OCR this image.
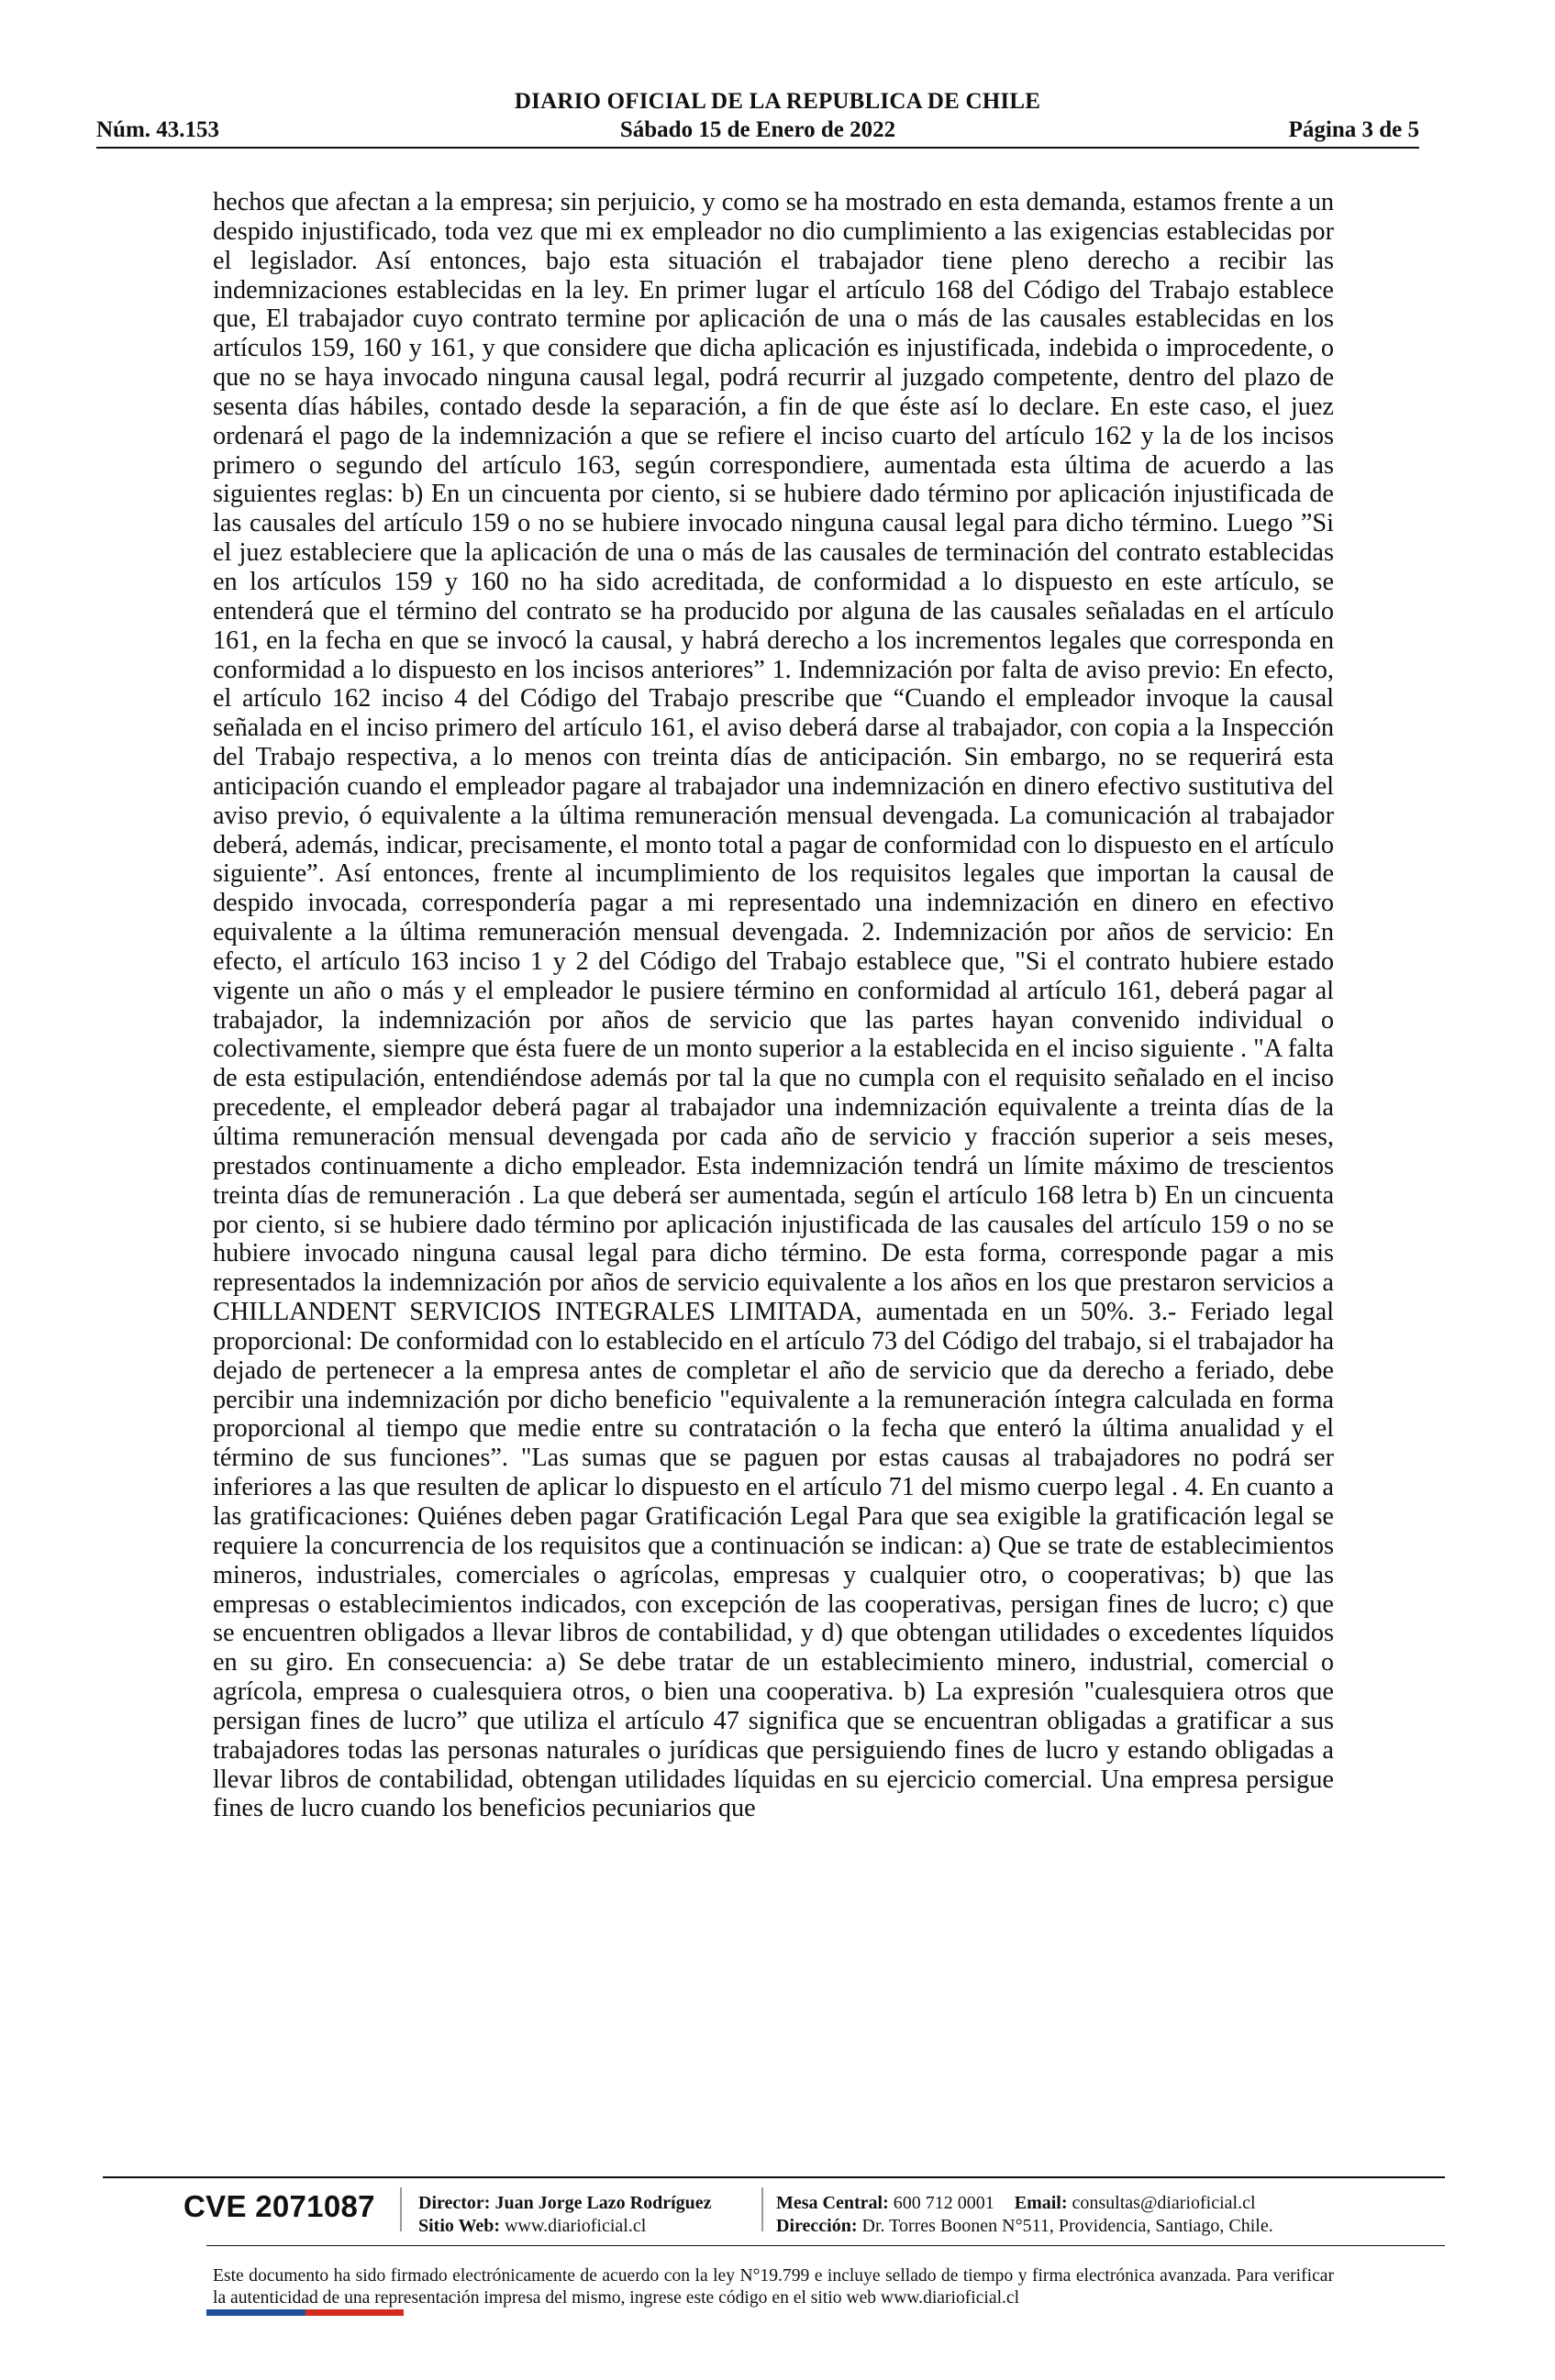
DIARIO OFICIAL DE LA REPUBLICA DE CHILE
Sábado 15 de Enero de 2022
Núm. 43.153	Página 3 de 5
hechos que afectan a la empresa; sin perjuicio, y como se ha mostrado en esta demanda, estamos frente a un despido injustificado, toda vez que mi ex empleador no dio cumplimiento a las exigencias establecidas por el legislador. Así entonces, bajo esta situación el trabajador tiene pleno derecho a recibir las indemnizaciones establecidas en la ley. En primer lugar el artículo 168 del Código del Trabajo establece que, El trabajador cuyo contrato termine por aplicación de una o más de las causales establecidas en los artículos 159, 160 y 161, y que considere que dicha aplicación es injustificada, indebida o improcedente, o que no se haya invocado ninguna causal legal, podrá recurrir al juzgado competente, dentro del plazo de sesenta días hábiles, contado desde la separación, a fin de que éste así lo declare. En este caso, el juez ordenará el pago de la indemnización a que se refiere el inciso cuarto del artículo 162 y la de los incisos primero o segundo del artículo 163, según correspondiere, aumentada esta última de acuerdo a las siguientes reglas: b) En un cincuenta por ciento, si se hubiere dado término por aplicación injustificada de las causales del artículo 159 o no se hubiere invocado ninguna causal legal para dicho término. Luego ”Si el juez estableciere que la aplicación de una o más de las causales de terminación del contrato establecidas en los artículos 159 y 160 no ha sido acreditada, de conformidad a lo dispuesto en este artículo, se entenderá que el término del contrato se ha producido por alguna de las causales señaladas en el artículo 161, en la fecha en que se invocó la causal, y habrá derecho a los incrementos legales que corresponda en conformidad a lo dispuesto en los incisos anteriores” 1. Indemnización por falta de aviso previo: En efecto, el artículo 162 inciso 4 del Código del Trabajo prescribe que “Cuando el empleador invoque la causal señalada en el inciso primero del artículo 161, el aviso deberá darse al trabajador, con copia a la Inspección del Trabajo respectiva, a lo menos con treinta días de anticipación. Sin embargo, no se requerirá esta anticipación cuando el empleador pagare al trabajador una indemnización en dinero efectivo sustitutiva del aviso previo, ó equivalente a la última remuneración mensual devengada. La comunicación al trabajador deberá, además, indicar, precisamente, el monto total a pagar de conformidad con lo dispuesto en el artículo siguiente”. Así entonces, frente al incumplimiento de los requisitos legales que importan la causal de despido invocada, correspondería pagar a mi representado una indemnización en dinero en efectivo equivalente a la última remuneración mensual devengada. 2. Indemnización por años de servicio: En efecto, el artículo 163 inciso 1 y 2 del Código del Trabajo establece que, "Si el contrato hubiere estado vigente un año o más y el empleador le pusiere término en conformidad al artículo 161, deberá pagar al trabajador, la indemnización por años de servicio que las partes hayan convenido individual o colectivamente, siempre que ésta fuere de un monto superior a la establecida en el inciso siguiente . "A falta de esta estipulación, entendiéndose además por tal la que no cumpla con el requisito señalado en el inciso precedente, el empleador deberá pagar al trabajador una indemnización equivalente a treinta días de la última remuneración mensual devengada por cada año de servicio y fracción superior a seis meses, prestados continuamente a dicho empleador. Esta indemnización tendrá un límite máximo de trescientos treinta días de remuneración . La que deberá ser aumentada, según el artículo 168 letra b) En un cincuenta por ciento, si se hubiere dado término por aplicación injustificada de las causales del artículo 159 o no se hubiere invocado ninguna causal legal para dicho término. De esta forma, corresponde pagar a mis representados la indemnización por años de servicio equivalente a los años en los que prestaron servicios a CHILLANDENT SERVICIOS INTEGRALES LIMITADA, aumentada en un 50%. 3.- Feriado legal proporcional: De conformidad con lo establecido en el artículo 73 del Código del trabajo, si el trabajador ha dejado de pertenecer a la empresa antes de completar el año de servicio que da derecho a feriado, debe percibir una indemnización por dicho beneficio "equivalente a la remuneración íntegra calculada en forma proporcional al tiempo que medie entre su contratación o la fecha que enteró la última anualidad y el término de sus funciones”. "Las sumas que se paguen por estas causas al trabajadores no podrá ser inferiores a las que resulten de aplicar lo dispuesto en el artículo 71 del mismo cuerpo legal . 4. En cuanto a las gratificaciones: Quiénes deben pagar Gratificación Legal Para que sea exigible la gratificación legal se requiere la concurrencia de los requisitos que a continuación se indican: a) Que se trate de establecimientos mineros, industriales, comerciales o agrícolas, empresas y cualquier otro, o cooperativas; b) que las empresas o establecimientos indicados, con excepción de las cooperativas, persigan fines de lucro; c) que se encuentren obligados a llevar libros de contabilidad, y d) que obtengan utilidades o excedentes líquidos en su giro. En consecuencia: a) Se debe tratar de un establecimiento minero, industrial, comercial o agrícola, empresa o cualesquiera otros, o bien una cooperativa. b) La expresión "cualesquiera otros que persigan fines de lucro” que utiliza el artículo 47 significa que se encuentran obligadas a gratificar a sus trabajadores todas las personas naturales o jurídicas que persiguiendo fines de lucro y estando obligadas a llevar libros de contabilidad, obtengan utilidades líquidas en su ejercicio comercial. Una empresa persigue fines de lucro cuando los beneficios pecuniarios que
CVE 2071087 Director: Juan Jorge Lazo Rodríguez
Sitio Web: www.diarioficial.cl
Mesa Central: 600 712 0001 Email: consultas@diarioficial.cl
Dirección: Dr. Torres Boonen N°511, Providencia, Santiago, Chile.
Este documento ha sido firmado electrónicamente de acuerdo con la ley N°19.799 e incluye sellado de tiempo y firma electrónica avanzada. Para verificar la autenticidad de una representación impresa del mismo, ingrese este código en el sitio web www.diarioficial.cl
